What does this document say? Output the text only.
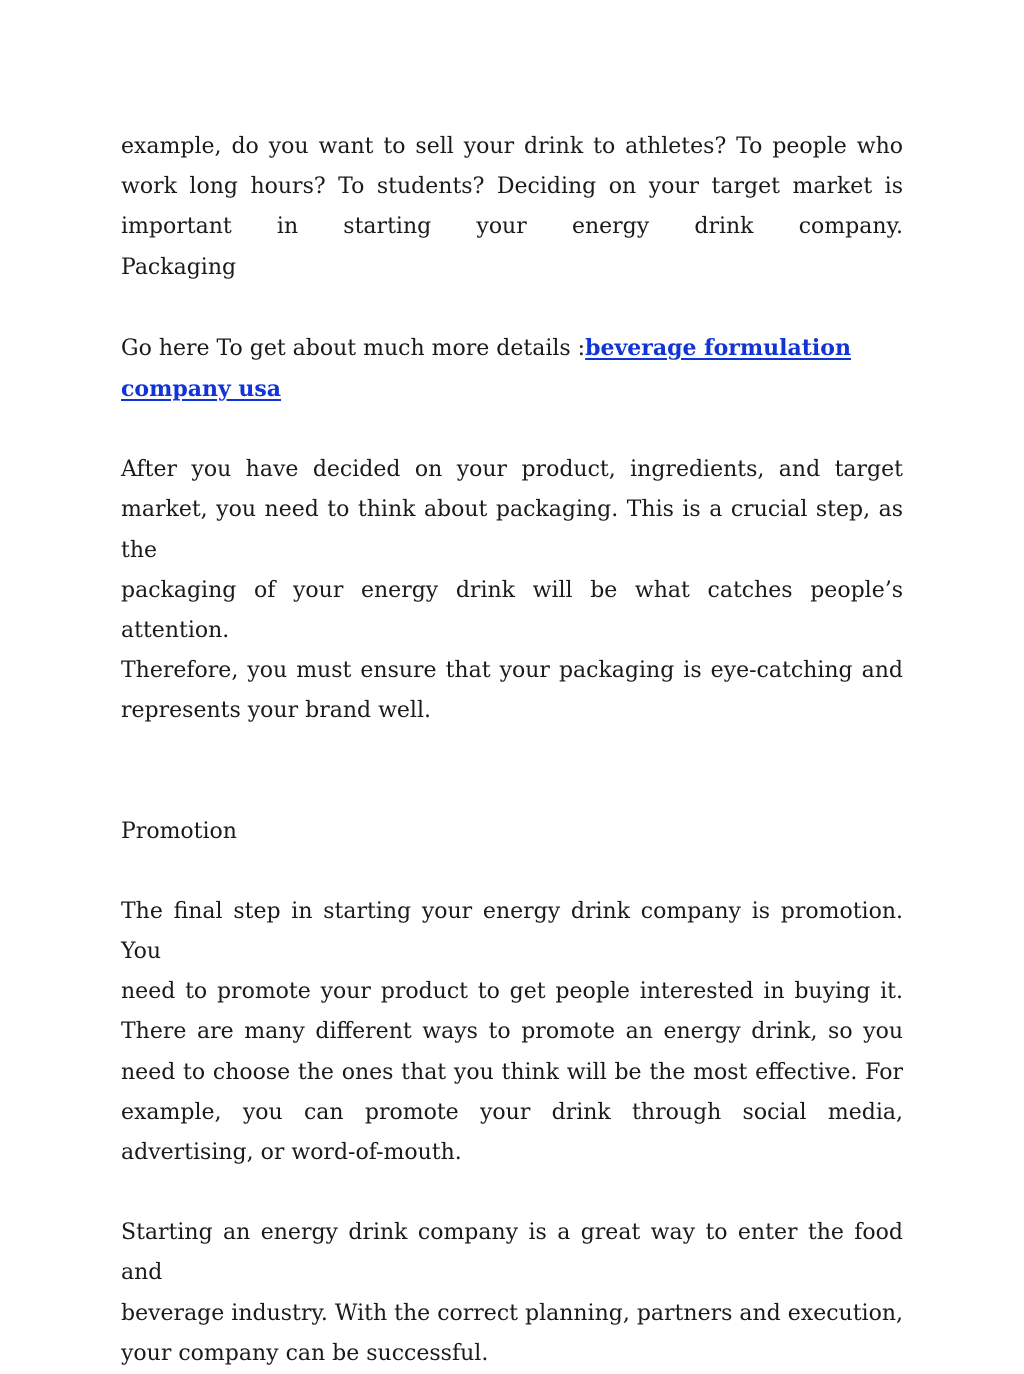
example, do you want to sell your drink to athletes? To people who
work long hours? To students? Deciding on your target market is
important in starting your energy drink company.
Packaging

Go here To get about much more details :beverage formulation
company usa

After you have decided on your product, ingredients, and target
market, you need to think about packaging. This is a crucial step, as the
packaging of your energy drink will be what catches people’s attention.
Therefore, you must ensure that your packaging is eye-catching and
represents your brand well.

Promotion

The final step in starting your energy drink company is promotion. You
need to promote your product to get people interested in buying it.
There are many different ways to promote an energy drink, so you
need to choose the ones that you think will be the most effective. For
example, you can promote your drink through social media,
advertising, or word-of-mouth.

Starting an energy drink company is a great way to enter the food and
beverage industry. With the correct planning, partners and execution,
your company can be successful.
